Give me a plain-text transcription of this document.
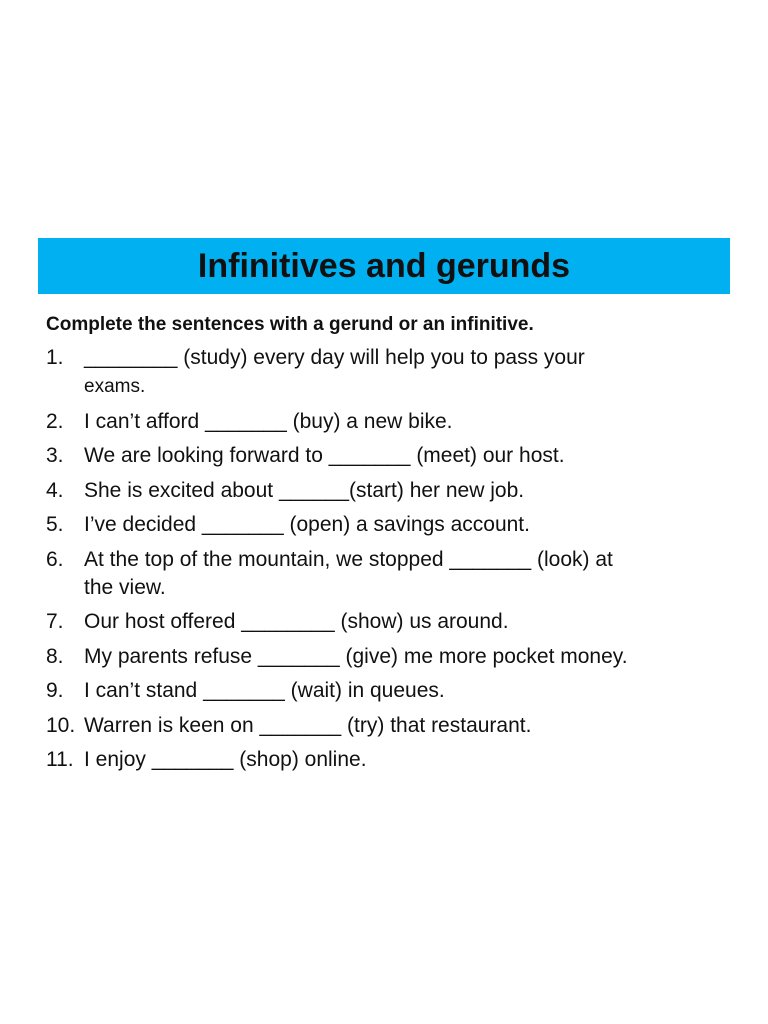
Infinitives and gerunds

Complete the sentences with a gerund or an infinitive.

1. ________ (study) every day will help you to pass your
exams.
2. I can’t afford _______ (buy) a new bike.
3. We are looking forward to _______ (meet) our host.
4. She is excited about ______(start) her new job.
5. I’ve decided _______ (open) a savings account.
6. At the top of the mountain, we stopped _______ (look) at
the view.
7. Our host offered ________ (show) us around.
8. My parents refuse _______ (give) me more pocket money.
9. I can’t stand _______ (wait) in queues.
10. Warren is keen on _______ (try) that restaurant.
11. I enjoy _______ (shop) online.
